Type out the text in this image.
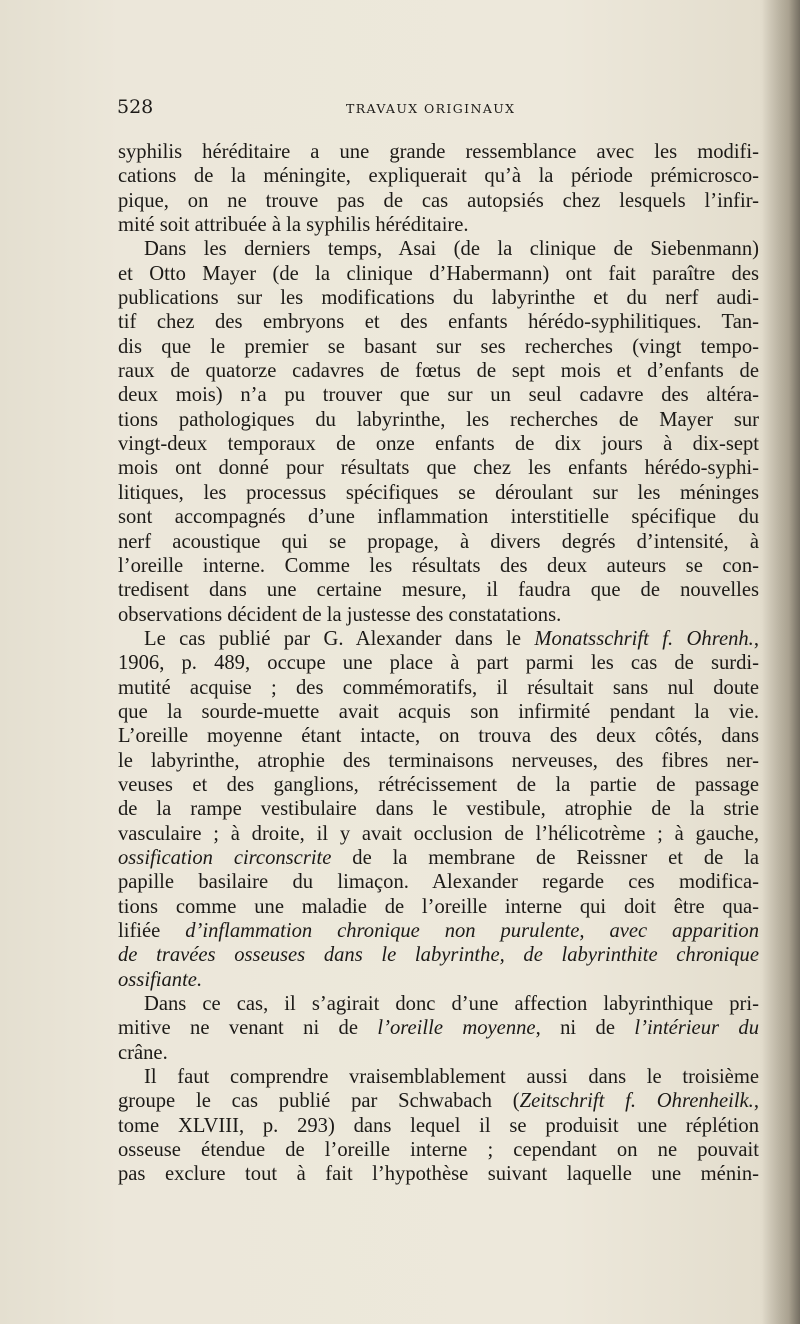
528	TRAVAUX ORIGINAUX
syphilis héréditaire a une grande ressemblance avec les modifi-
cations de la méningite, expliquerait qu’à la période prémicrosco-
pique, on ne trouve pas de cas autopsiés chez lesquels l’infir-
mité soit attribuée à la syphilis héréditaire.
Dans les derniers temps, Asai (de la clinique de Siebenmann)
et Otto Mayer (de la clinique d’Habermann) ont fait paraître des
publications sur les modifications du labyrinthe et du nerf audi-
tif chez des embryons et des enfants hérédo-syphilitiques. Tan-
dis que le premier se basant sur ses recherches (vingt tempo-
raux de quatorze cadavres de fœtus de sept mois et d’enfants de
deux mois) n’a pu trouver que sur un seul cadavre des altéra-
tions pathologiques du labyrinthe, les recherches de Mayer sur
vingt-deux temporaux de onze enfants de dix jours à dix-sept
mois ont donné pour résultats que chez les enfants hérédo-syphi-
litiques, les processus spécifiques se déroulant sur les méninges
sont accompagnés d’une inflammation interstitielle spécifique du
nerf acoustique qui se propage, à divers degrés d’intensité, à
l’oreille interne. Comme les résultats des deux auteurs se con-
tredisent dans une certaine mesure, il faudra que de nouvelles
observations décident de la justesse des constatations.
Le cas publié par G. Alexander dans le Monatsschrift f. Ohrenh.,
1906, p. 489, occupe une place à part parmi les cas de surdi-
mutité acquise ; des commémoratifs, il résultait sans nul doute
que la sourde-muette avait acquis son infirmité pendant la vie.
L’oreille moyenne étant intacte, on trouva des deux côtés, dans
le labyrinthe, atrophie des terminaisons nerveuses, des fibres ner-
veuses et des ganglions, rétrécissement de la partie de passage
de la rampe vestibulaire dans le vestibule, atrophie de la strie
vasculaire ; à droite, il y avait occlusion de l’hélicotrème ; à gauche,
ossification circonscrite de la membrane de Reissner et de la
papille basilaire du limaçon. Alexander regarde ces modifica-
tions comme une maladie de l’oreille interne qui doit être qua-
lifiée d’inflammation chronique non purulente, avec apparition
de travées osseuses dans le labyrinthe, de labyrinthite chronique
ossifiante.
Dans ce cas, il s’agirait donc d’une affection labyrinthique pri-
mitive ne venant ni de l’oreille moyenne, ni de l’intérieur du
crâne.
Il faut comprendre vraisemblablement aussi dans le troisième
groupe le cas publié par Schwabach (Zeitschrift f. Ohrenheilk.,
tome XLVIII, p. 293) dans lequel il se produisit une réplétion
osseuse étendue de l’oreille interne ; cependant on ne pouvait
pas exclure tout à fait l’hypothèse suivant laquelle une ménin-
